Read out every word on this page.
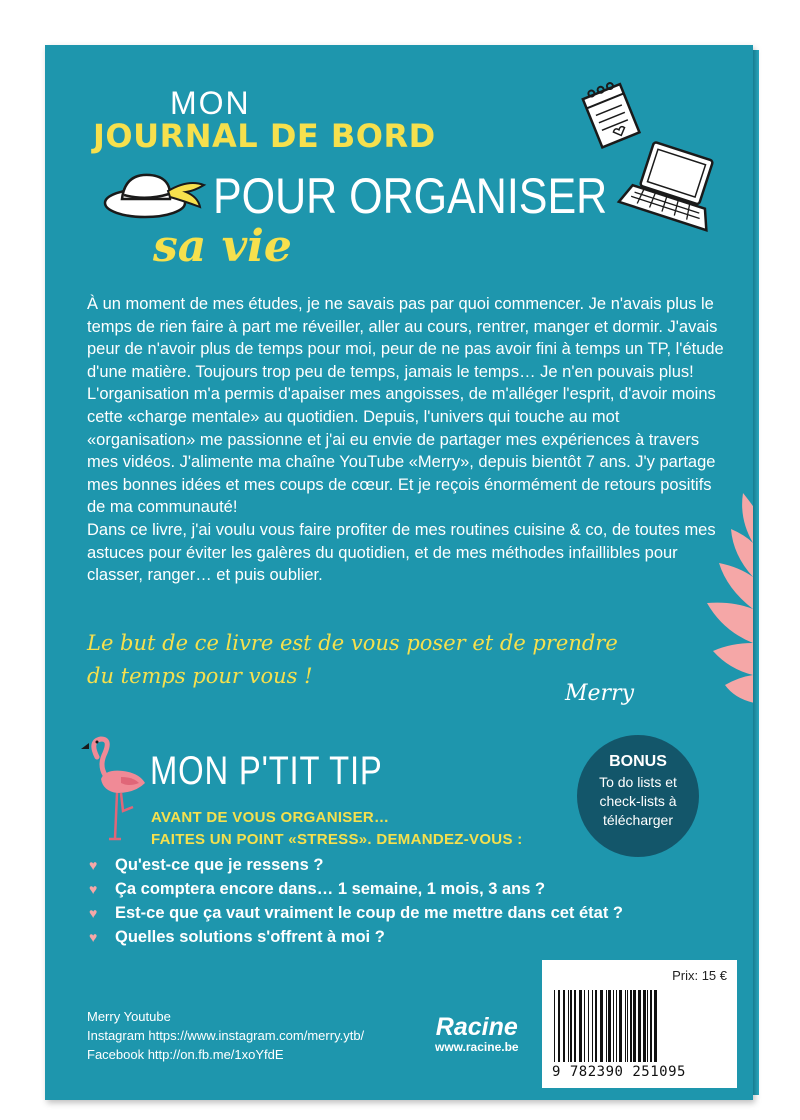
MON
JOURNAL DE BORD
POUR ORGANISER
sa vie

À un moment de mes études, je ne savais pas par quoi commencer. Je n'avais plus le temps de rien faire à part me réveiller, aller au cours, rentrer, manger et dormir. J'avais peur de n'avoir plus de temps pour moi, peur de ne pas avoir fini à temps un TP, l'étude d'une matière. Toujours trop peu de temps, jamais le temps… Je n'en pouvais plus!

L'organisation m'a permis d'apaiser mes angoisses, de m'alléger l'esprit, d'avoir moins cette «charge mentale» au quotidien. Depuis, l'univers qui touche au mot «organisation» me passionne et j'ai eu envie de partager mes expériences à travers mes vidéos. J'alimente ma chaîne YouTube «Merry», depuis bientôt 7 ans. J'y partage mes bonnes idées et mes coups de cœur. Et je reçois énormément de retours positifs de ma communauté!

Dans ce livre, j'ai voulu vous faire profiter de mes routines cuisine & co, de toutes mes astuces pour éviter les galères du quotidien, et de mes méthodes infaillibles pour classer, ranger… et puis oublier.

Le but de ce livre est de vous poser et de prendre
du temps pour vous !
Merry
MON P'TIT TIP
AVANT DE VOUS ORGANISER…
FAITES UN POINT «STRESS». DEMANDEZ-VOUS :
BONUS
To do lists et check-lists à télécharger
♥ Qu'est-ce que je ressens ?
♥ Ça comptera encore dans… 1 semaine, 1 mois, 3 ans ?
♥ Est-ce que ça vaut vraiment le coup de me mettre dans cet état ?
♥ Quelles solutions s'offrent à moi ?
Merry Youtube
Instagram https://www.instagram.com/merry.ytb/
Facebook http://on.fb.me/1xoYfdE
Racine
www.racine.be
Prix: 15 €
9 782390 251095
